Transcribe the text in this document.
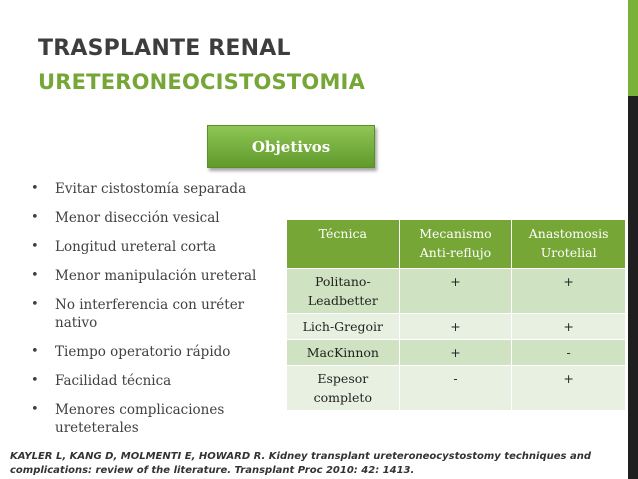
TRASPLANTE RENAL
URETERONEOCISTOSTOMIA
Objetivos
• Evitar cistostomía separada
• Menor disección vesical
• Longitud ureteral corta
• Menor manipulación ureteral
• No interferencia con uréter nativo
• Tiempo operatorio rápido
• Facilidad técnica
• Menores complicaciones ureteterales
Técnica	Mecanismo Anti-reflujo	Anastomosis Urotelial
Politano-Leadbetter	+	+
Lich-Gregoir	+	+
MacKinnon	+	-
Espesor completo	-	+
KAYLER L, KANG D, MOLMENTI E, HOWARD R. Kidney transplant ureteroneocystostomy techniques and
complications: review of the literature. Transplant Proc 2010: 42: 1413.
